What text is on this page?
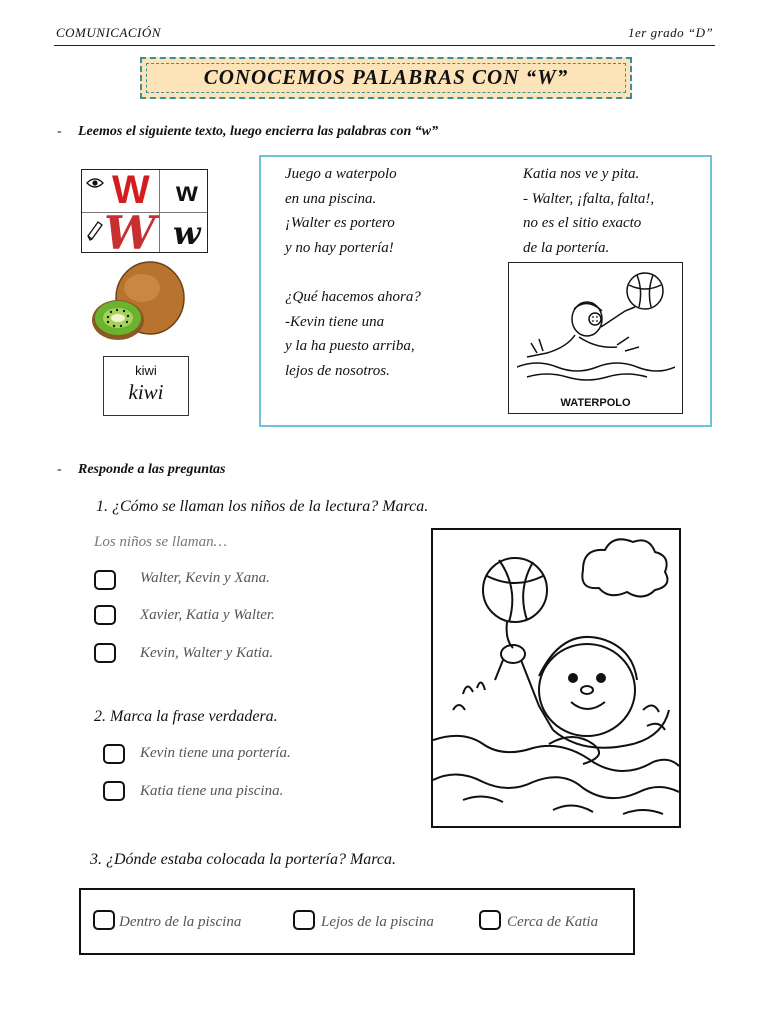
COMUNICACIÓN	1er grado “D”
CONOCEMOS PALABRAS CON “W”
- Leemos el siguiente texto, luego encierra las palabras con “w”
W w
W w
kiwi
kiwi
Juego a waterpolo
en una piscina.
¡Walter es portero
y no hay portería!
¿Qué hacemos ahora?
-Kevin tiene una
y la ha puesto arriba,
lejos de nosotros.
Katia nos ve y pita.
- Walter, ¡falta, falta!,
no es el sitio exacto
de la portería.
WATERPOLO
- Responde a las preguntas
1. ¿Cómo se llaman los niños de la lectura? Marca.
Los niños se llaman…
Walter, Kevin y Xana.
Xavier, Katia y Walter.
Kevin, Walter y Katia.
2. Marca la frase verdadera.
Kevin tiene una portería.
Katia tiene una piscina.
3. ¿Dónde estaba colocada la portería? Marca.
Dentro de la piscina	Lejos de la piscina	Cerca de Katia
